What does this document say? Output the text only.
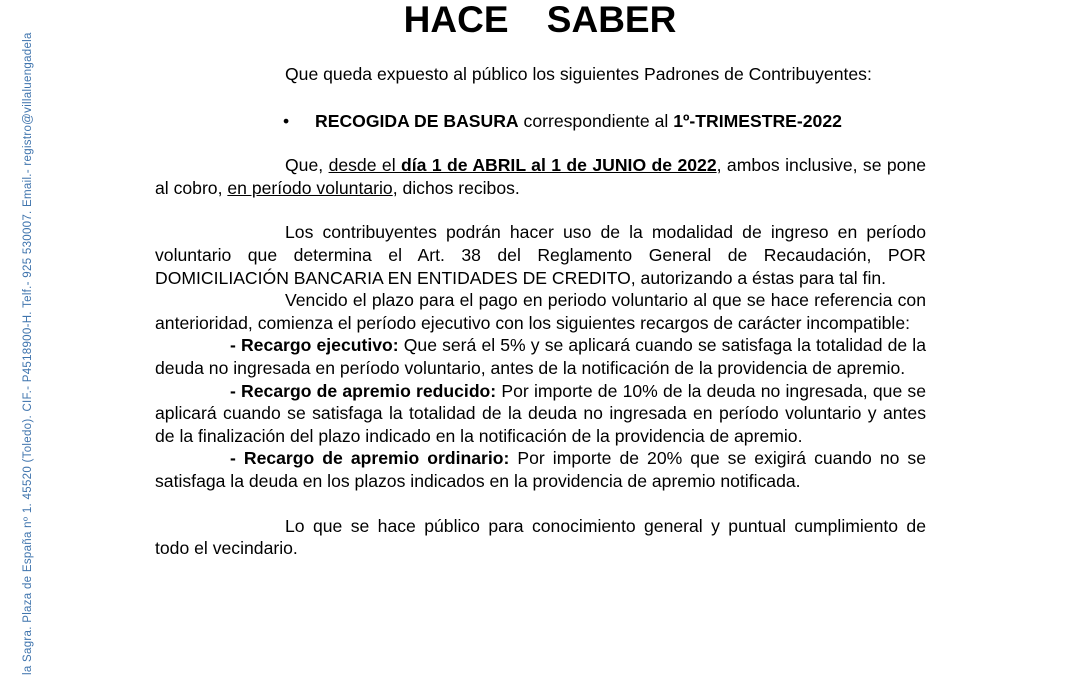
la Sagra. Plaza de España nº 1. 45520 (Toledo). CIF.- P4518900-H. Telf.- 925 530007. Email.- registro@villaluengadela
HACE SABER

Que queda expuesto al público los siguientes Padrones de Contribuyentes:

• RECOGIDA DE BASURA correspondiente al 1º-TRIMESTRE-2022

Que, desde el día 1 de ABRIL al 1 de JUNIO de 2022, ambos inclusive, se pone al cobro, en período voluntario, dichos recibos.

Los contribuyentes podrán hacer uso de la modalidad de ingreso en período voluntario que determina el Art. 38 del Reglamento General de Recaudación, POR DOMICILIACIÓN BANCARIA EN ENTIDADES DE CREDITO, autorizando a éstas para tal fin.

Vencido el plazo para el pago en periodo voluntario al que se hace referencia con anterioridad, comienza el período ejecutivo con los siguientes recargos de carácter incompatible:

- Recargo ejecutivo: Que será el 5% y se aplicará cuando se satisfaga la totalidad de la deuda no ingresada en período voluntario, antes de la notificación de la providencia de apremio.

- Recargo de apremio reducido: Por importe de 10% de la deuda no ingresada, que se aplicará cuando se satisfaga la totalidad de la deuda no ingresada en período voluntario y antes de la finalización del plazo indicado en la notificación de la providencia de apremio.

- Recargo de apremio ordinario: Por importe de 20% que se exigirá cuando no se satisfaga la deuda en los plazos indicados en la providencia de apremio notificada.

Lo que se hace público para conocimiento general y puntual cumplimiento de todo el vecindario.
